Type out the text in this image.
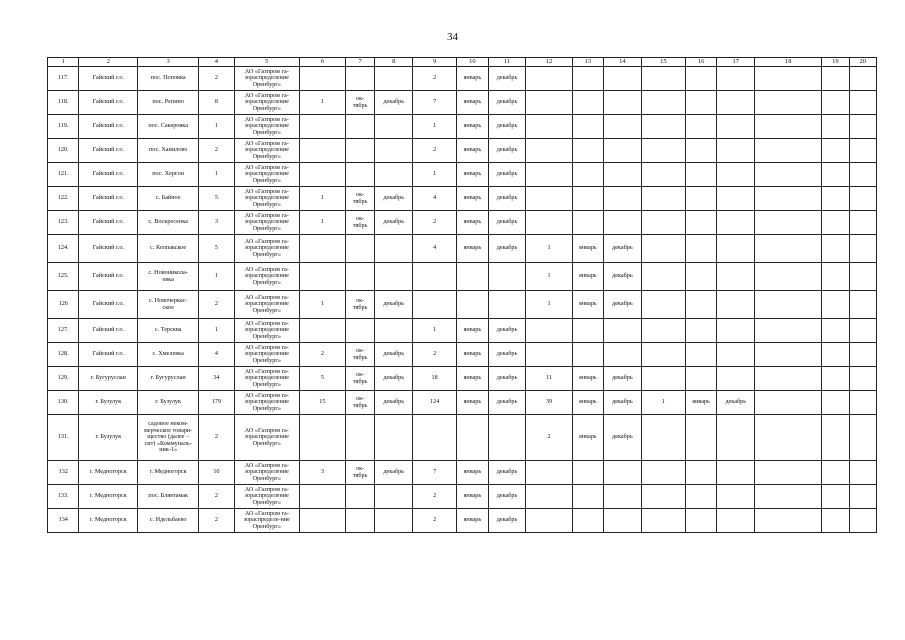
34
1	2	3	4	5	6	7	8	9	10	11	12	13	14	15	16	17	18	19	20
117.	Гайский г.о.	пос. Поповка	2	АО «Газпром га-
зораспределение
Оренбург»				2	январь	декабрь									
118.	Гайский г.о.	пос. Репино	8	АО «Газпром га-
зораспределение
Оренбург»	1	ок-
тябрь	декабрь	7	январь	декабрь									
119.	Гайский г.о.	пос. Сакеровка	1	АО «Газпром га-
зораспределение
Оренбург»				1	январь	декабрь									
120.	Гайский г.о.	пос. Ханилово	2	АО «Газпром га-
зораспределение
Оренбург»				2	январь	декабрь									
121.	Гайский г.о.	пос. Херсон	1	АО «Газпром га-
зораспределение
Оренбург»				1	январь	декабрь									
122.	Гайский г.о.	с. Байное	5	АО «Газпром га-
зораспределение
Оренбург»	1	ок-
тябрь	декабрь	4	январь	декабрь									
123.	Гайский г.о.	с. Воскресенка	3	АО «Газпром га-
зораспределение
Оренбург»	1	ок-
тябрь	декабрь	2	январь	декабрь									
124.	Гайский г.о.	с. Колпакское	5	АО «Газпром га-
зораспределение
Оренбург»				4	январь	декабрь	1	январь	декабрь						
125.	Гайский г.о.	с. Новоникола-
евка	1	АО «Газпром га-
зораспределение
Оренбург»							1	январь	декабрь						
126	Гайский г.о.	с. Новочеркас-
ское	2	АО «Газпром га-
зораспределение
Оренбург»	1	ок-
тябрь	декабрь				1	январь	декабрь						
127.	Гайский г.о.	с. Терсква	1	АО «Газпром га-
зораспределение
Оренбург»				1	январь	декабрь									
128.	Гайский г.о.	с. Хмелевка	4	АО «Газпром га-
зораспределение
Оренбург»	2	ок-
тябрь	декабрь	2	январь	декабрь									
129.	г. Бугуруслан	г. Бугуруслан	34	АО «Газпром га-
зораспределение
Оренбург»	5	ок-
тябрь	декабрь	18	январь	декабрь	11	январь	декабрь						
130.	г. Бузулук	г. Бузулук	179	АО «Газпром га-
зораспределение
Оренбург»	15	ок-
тябрь	декабрь	124	январь	декабрь	39	январь	декабрь	1	январь	декабрь			
131.	г. Бузулук	садовое неком-
мерческое товари-
щество (далее –
сит) «Коммуналь-
ник-1»	2	АО «Газпром га-
зораспределение
Оренбург»							2	январь	декабрь						
132	г. Медногорск	г. Медногорск	10	АО «Газпром га-
зораспределение
Оренбург»	3	ок-
тябрь	декабрь	7	январь	декабрь									
133.	г. Медногорск	пос. Блявтамак	2	АО «Газпром га-
зораспределение
Оренбург»				2	январь	декабрь									
134	г. Медногорск	с. Идельбаево	2	АО «Газпром га-
зораспределе-ние
Оренбург»				2	январь	декабрь									
